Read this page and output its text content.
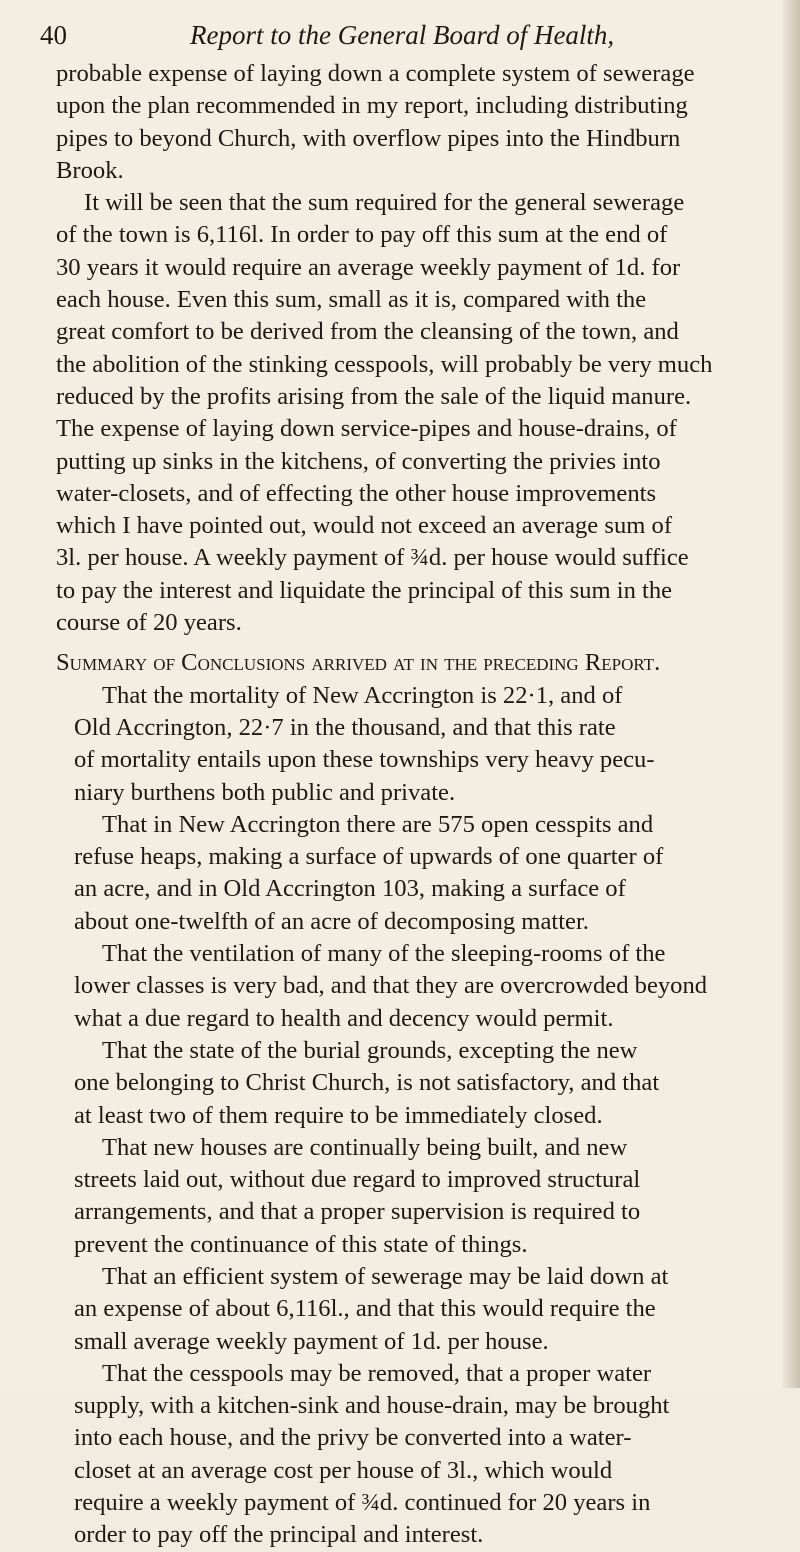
40	Report to the General Board of Health,
probable expense of laying down a complete system of sewerage
upon the plan recommended in my report, including distributing
pipes to beyond Church, with overflow pipes into the Hindburn
Brook.
It will be seen that the sum required for the general sewerage
of the town is 6,116l. In order to pay off this sum at the end of
30 years it would require an average weekly payment of 1d. for
each house. Even this sum, small as it is, compared with the
great comfort to be derived from the cleansing of the town, and
the abolition of the stinking cesspools, will probably be very much
reduced by the profits arising from the sale of the liquid manure.
The expense of laying down service-pipes and house-drains, of
putting up sinks in the kitchens, of converting the privies into
water-closets, and of effecting the other house improvements
which I have pointed out, would not exceed an average sum of
3l. per house. A weekly payment of ¾d. per house would suffice
to pay the interest and liquidate the principal of this sum in the
course of 20 years.
Summary of Conclusions arrived at in the preceding Report.
That the mortality of New Accrington is 22·1, and of
Old Accrington, 22·7 in the thousand, and that this rate
of mortality entails upon these townships very heavy pecu-
niary burthens both public and private.
That in New Accrington there are 575 open cesspits and
refuse heaps, making a surface of upwards of one quarter of
an acre, and in Old Accrington 103, making a surface of
about one-twelfth of an acre of decomposing matter.
That the ventilation of many of the sleeping-rooms of the
lower classes is very bad, and that they are overcrowded beyond
what a due regard to health and decency would permit.
That the state of the burial grounds, excepting the new
one belonging to Christ Church, is not satisfactory, and that
at least two of them require to be immediately closed.
That new houses are continually being built, and new
streets laid out, without due regard to improved structural
arrangements, and that a proper supervision is required to
prevent the continuance of this state of things.
That an efficient system of sewerage may be laid down at
an expense of about 6,116l., and that this would require the
small average weekly payment of 1d. per house.
That the cesspools may be removed, that a proper water
supply, with a kitchen-sink and house-drain, may be brought
into each house, and the privy be converted into a water-
closet at an average cost per house of 3l., which would
require a weekly payment of ¾d. continued for 20 years in
order to pay off the principal and interest.
